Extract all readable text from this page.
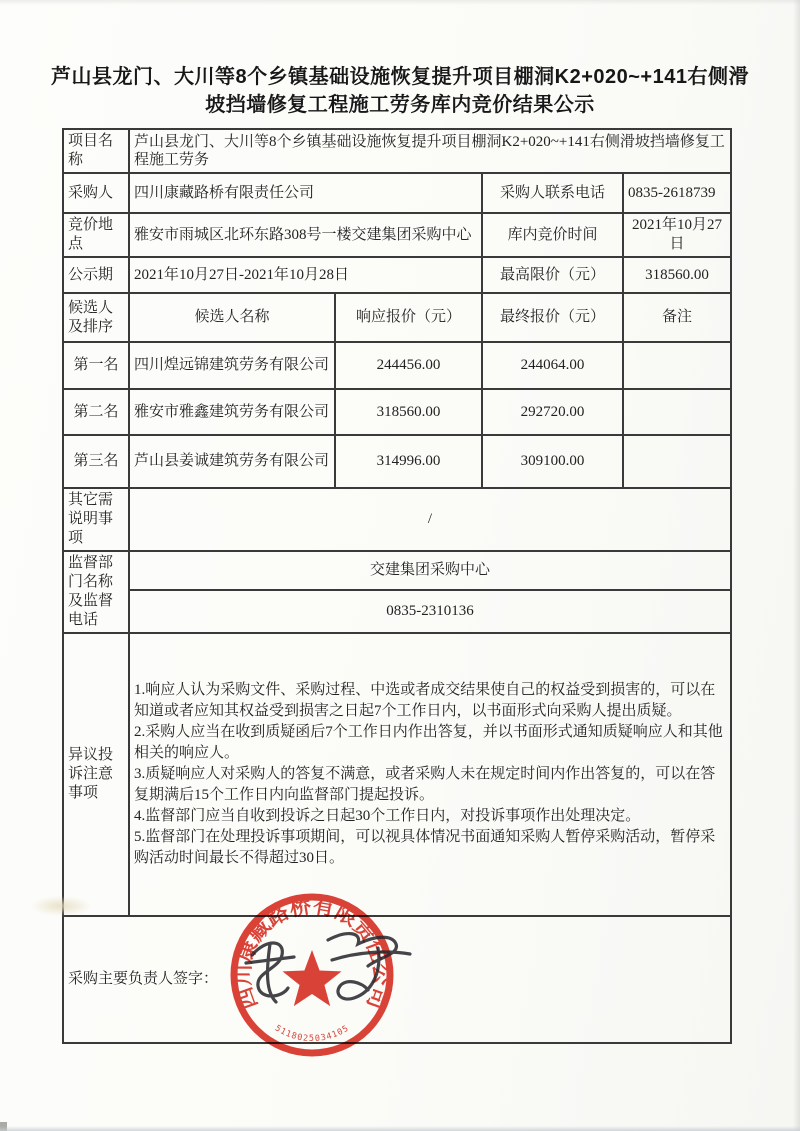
芦山县龙门、大川等8个乡镇基础设施恢复提升项目棚洞K2+020~+141右侧滑
坡挡墙修复工程施工劳务库内竞价结果公示
项目名称	芦山县龙门、大川等8个乡镇基础设施恢复提升项目棚洞K2+020~+141右侧滑坡挡墙修复工程施工劳务			
采购人	四川康藏路桥有限责任公司		采购人联系电话	0835-2618739
竞价地点	雅安市雨城区北环东路308号一楼交建集团采购中心		库内竞价时间	2021年10月27日
公示期	2021年10月27日-2021年10月28日		最高限价（元）	318560.00
候选人及排序	候选人名称	响应报价（元）	最终报价（元）	备注
第一名	四川煌远锦建筑劳务有限公司	244456.00	244064.00	
第二名	雅安市雅鑫建筑劳务有限公司	318560.00	292720.00	
第三名	芦山县姜诚建筑劳务有限公司	314996.00	309100.00	
其它需说明事项	/			
监督部门名称及监督电话	交建集团采购中心			
	0835-2310136			
异议投诉注意事项	1.响应人认为采购文件、采购过程、中选或者成交结果使自己的权益受到损害的，可以在知道或者应知其权益受到损害之日起7个工作日内，以书面形式向采购人提出质疑。
2.采购人应当在收到质疑函后7个工作日内作出答复，并以书面形式通知质疑响应人和其他相关的响应人。
3.质疑响应人对采购人的答复不满意，或者采购人未在规定时间内作出答复的，可以在答复期满后15个工作日内向监督部门提起投诉。
4.监督部门应当自收到投诉之日起30个工作日内，对投诉事项作出处理决定。
5.监督部门在处理投诉事项期间，可以视具体情况书面通知采购人暂停采购活动，暂停采购活动时间最长不得超过30日。			

采购主要负责人签字：				
四川康藏路桥有限责任公司
5118025034105
